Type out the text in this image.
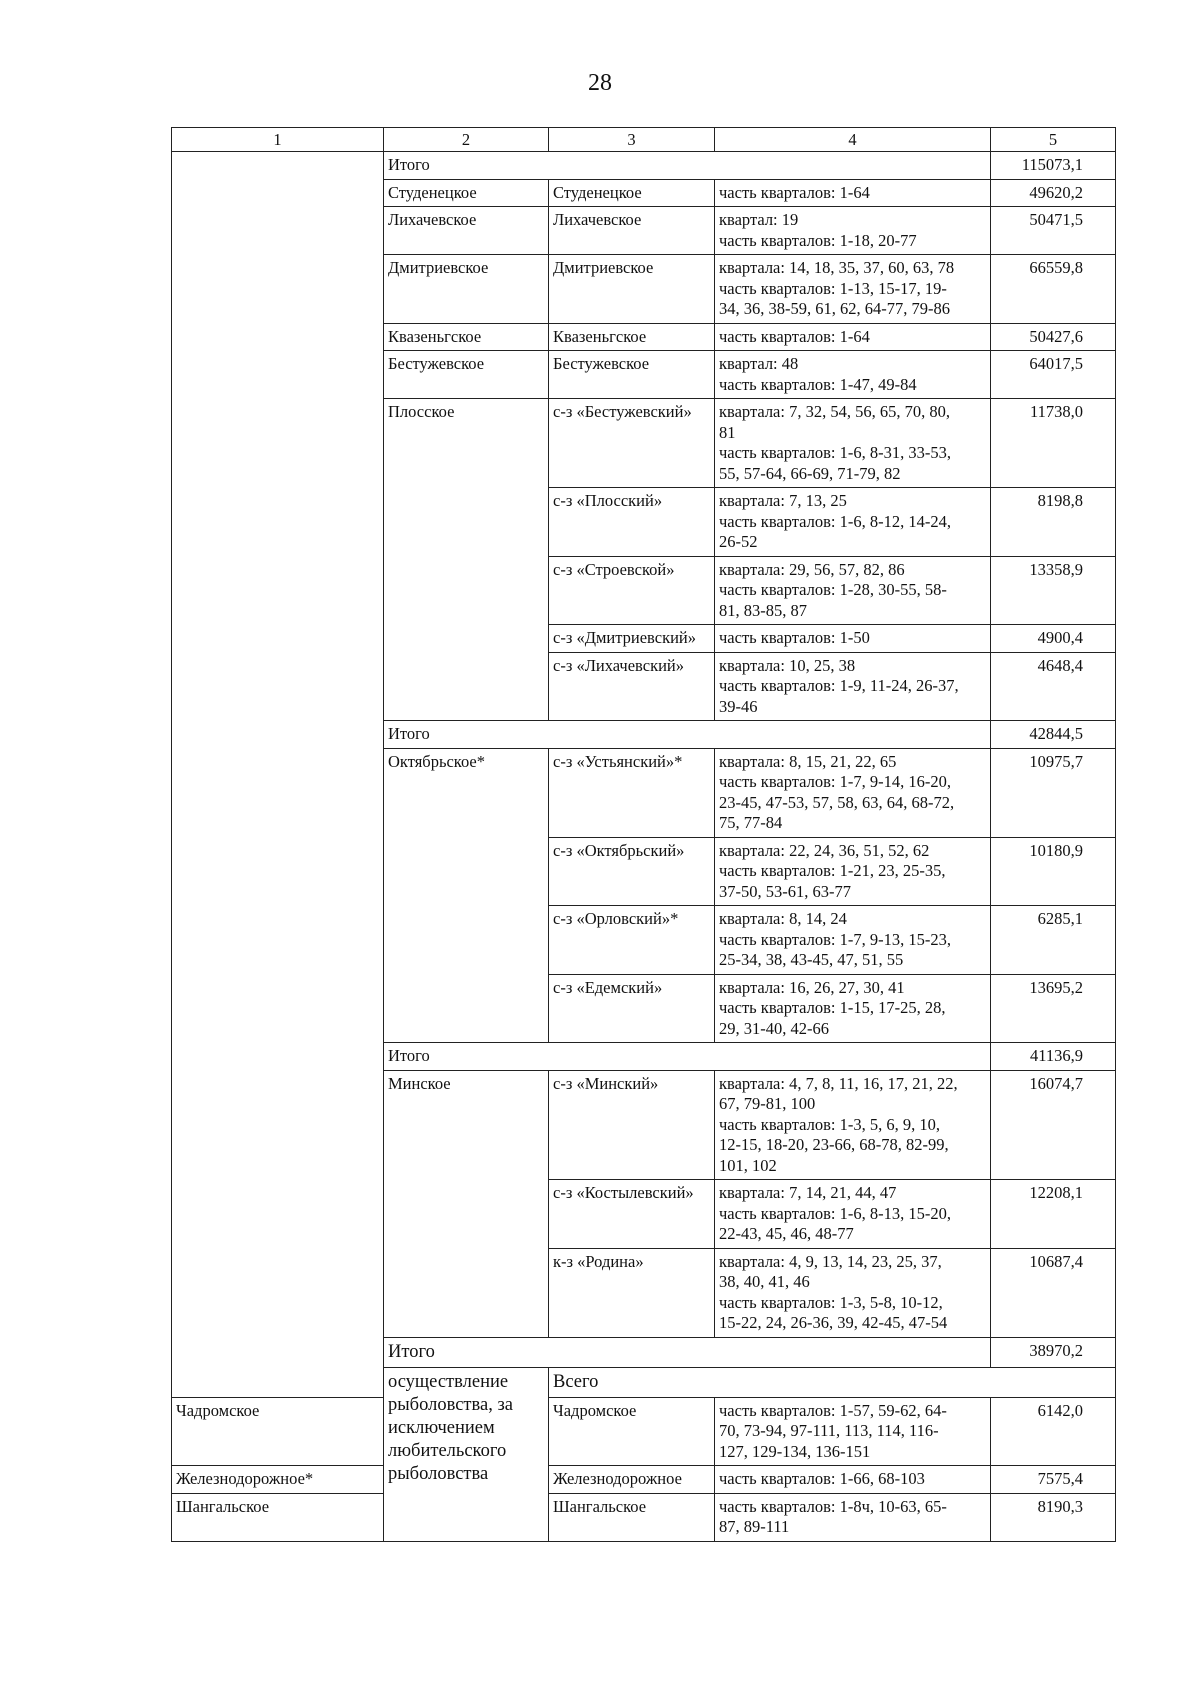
28
1	2	3	4	5	
	Итого			115073,1	
	Студенецкое	Студенецкое	часть кварталов: 1-64	49620,2	
	Лихачевское	Лихачевское	квартал: 19
часть кварталов: 1-18, 20-77	50471,5	
	Дмитриевское	Дмитриевское	квартала: 14, 18, 35, 37, 60, 63, 78
часть кварталов: 1-13, 15-17, 19-
34, 36, 38-59, 61, 62, 64-77, 79-86	66559,8	
	Квазеньгское	Квазеньгское	часть кварталов: 1-64	50427,6	
	Бестужевское	Бестужевское	квартал: 48
часть кварталов: 1-47, 49-84	64017,5	
	Плосское	с-з «Бестужевский»	квартала: 7, 32, 54, 56, 65, 70, 80,
81
часть кварталов: 1-6, 8-31, 33-53,
55, 57-64, 66-69, 71-79, 82	11738,0	
		с-з «Плосский»	квартала: 7, 13, 25
часть кварталов: 1-6, 8-12, 14-24,
26-52	8198,8	
		с-з «Строевской»	квартала: 29, 56, 57, 82, 86
часть кварталов: 1-28, 30-55, 58-
81, 83-85, 87	13358,9	
		с-з «Дмитриевский»	часть кварталов: 1-50	4900,4	
		с-з «Лихачевский»	квартала: 10, 25, 38
часть кварталов: 1-9, 11-24, 26-37,
39-46	4648,4	
	Итого			42844,5	
	Октябрьское*	с-з «Устьянский»*	квартала: 8, 15, 21, 22, 65
часть кварталов: 1-7, 9-14, 16-20,
23-45, 47-53, 57, 58, 63, 64, 68-72,
75, 77-84	10975,7	
		с-з «Октябрьский»	квартала: 22, 24, 36, 51, 52, 62
часть кварталов: 1-21, 23, 25-35,
37-50, 53-61, 63-77	10180,9	
		с-з «Орловский»*	квартала: 8, 14, 24
часть кварталов: 1-7, 9-13, 15-23,
25-34, 38, 43-45, 47, 51, 55	6285,1	
		с-з «Едемский»	квартала: 16, 26, 27, 30, 41
часть кварталов: 1-15, 17-25, 28,
29, 31-40, 42-66	13695,2	
	Итого			41136,9	
	Минское	с-з «Минский»	квартала: 4, 7, 8, 11, 16, 17, 21, 22,
67, 79-81, 100
часть кварталов: 1-3, 5, 6, 9, 10,
12-15, 18-20, 23-66, 68-78, 82-99,
101, 102	16074,7	
		с-з «Костылевский»	квартала: 7, 14, 21, 44, 47
часть кварталов: 1-6, 8-13, 15-20,
22-43, 45, 46, 48-77	12208,1	
		к-з «Родина»	квартала: 4, 9, 13, 14, 23, 25, 37,
38, 40, 41, 46
часть кварталов: 1-3, 5-8, 10-12,
15-22, 24, 26-36, 39, 42-45, 47-54	10687,4	
	Итого			38970,2	
	осуществление рыболовства, за исключением любительского рыболовства	Всего	
Чадромское		Чадромское	часть кварталов: 1-57, 59-62, 64-
70, 73-94, 97-111, 113, 114, 116-
127, 129-134, 136-151	6142,0	
Железнодорожное*		Железнодорожное	часть кварталов: 1-66, 68-103	7575,4	
Шангальское		Шангальское	часть кварталов: 1-8ч, 10-63, 65-
87, 89-111	8190,3	
